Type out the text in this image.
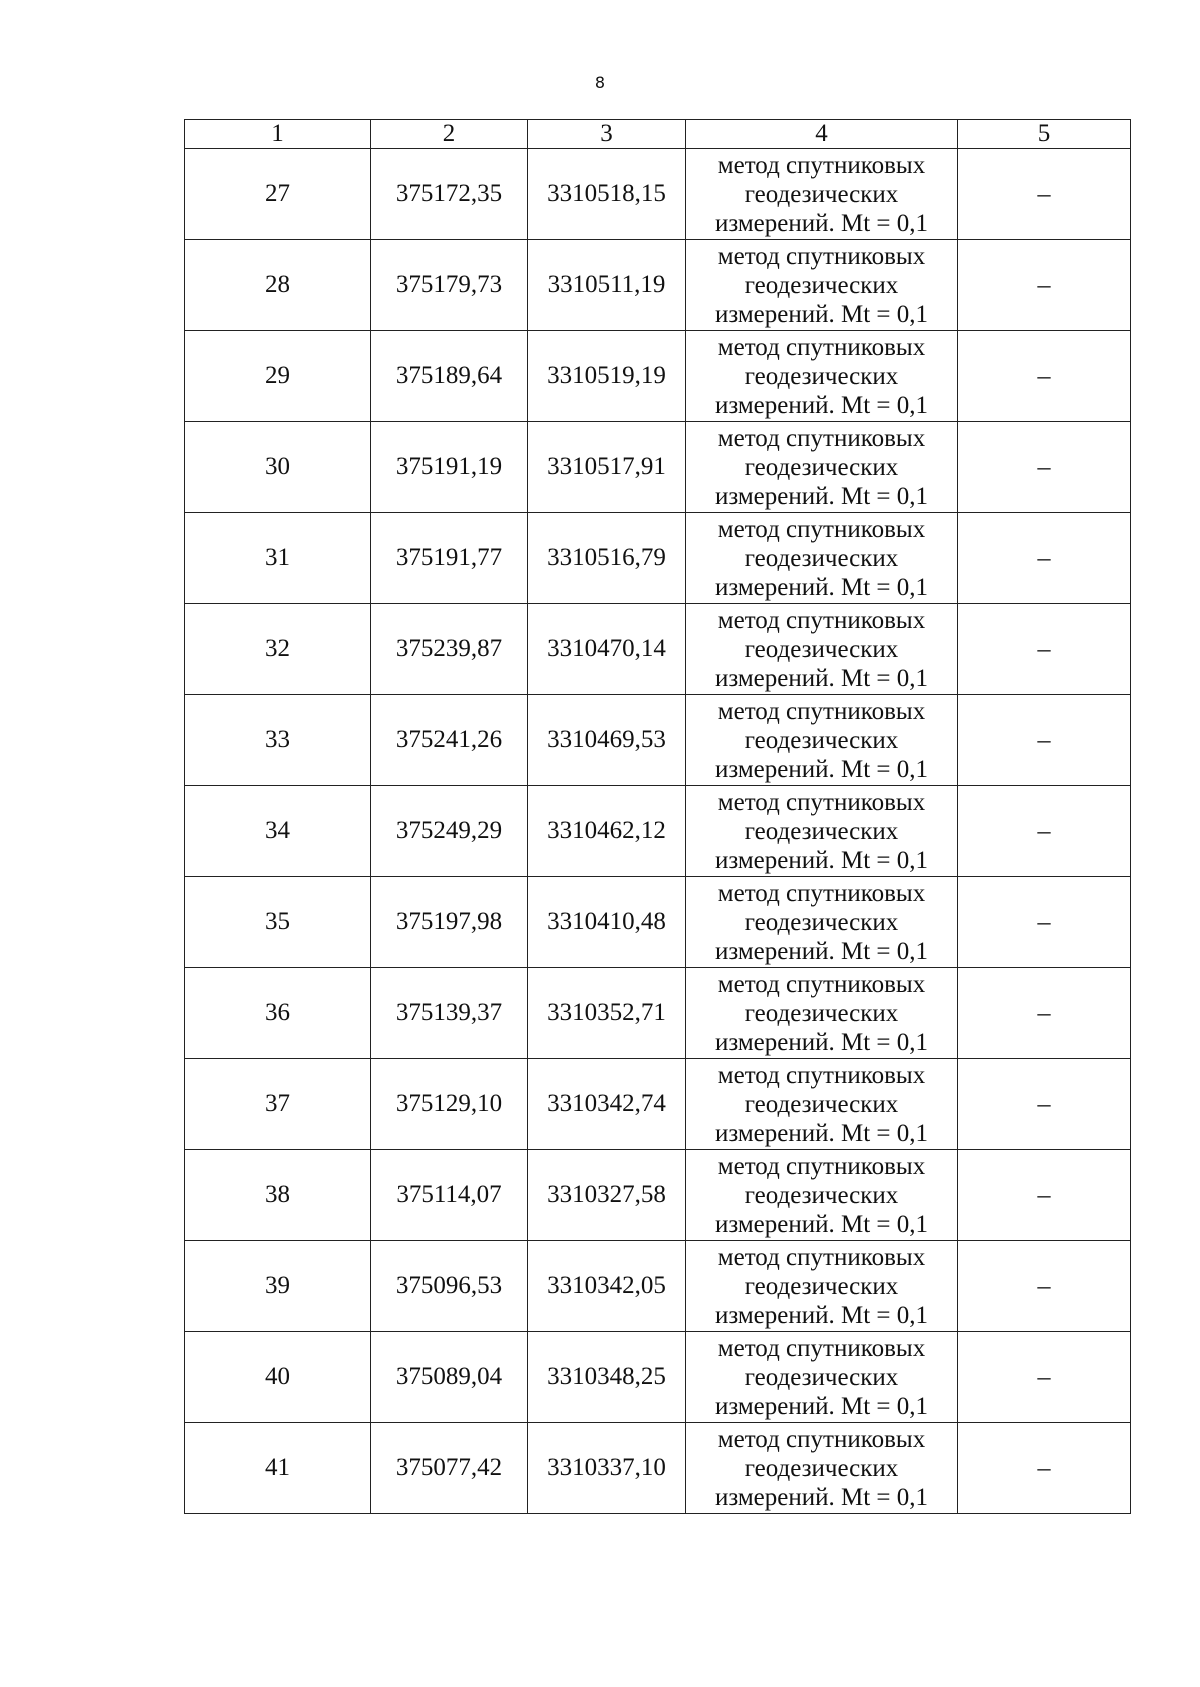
8
1	2	3	4	5
27	375172,35	3310518,15	метод спутниковых
геодезических
измерений. Mt = 0,1	–
28	375179,73	3310511,19	метод спутниковых
геодезических
измерений. Mt = 0,1	–
29	375189,64	3310519,19	метод спутниковых
геодезических
измерений. Mt = 0,1	–
30	375191,19	3310517,91	метод спутниковых
геодезических
измерений. Mt = 0,1	–
31	375191,77	3310516,79	метод спутниковых
геодезических
измерений. Mt = 0,1	–
32	375239,87	3310470,14	метод спутниковых
геодезических
измерений. Mt = 0,1	–
33	375241,26	3310469,53	метод спутниковых
геодезических
измерений. Mt = 0,1	–
34	375249,29	3310462,12	метод спутниковых
геодезических
измерений. Mt = 0,1	–
35	375197,98	3310410,48	метод спутниковых
геодезических
измерений. Mt = 0,1	–
36	375139,37	3310352,71	метод спутниковых
геодезических
измерений. Mt = 0,1	–
37	375129,10	3310342,74	метод спутниковых
геодезических
измерений. Mt = 0,1	–
38	375114,07	3310327,58	метод спутниковых
геодезических
измерений. Mt = 0,1	–
39	375096,53	3310342,05	метод спутниковых
геодезических
измерений. Mt = 0,1	–
40	375089,04	3310348,25	метод спутниковых
геодезических
измерений. Mt = 0,1	–
41	375077,42	3310337,10	метод спутниковых
геодезических
измерений. Mt = 0,1	–
